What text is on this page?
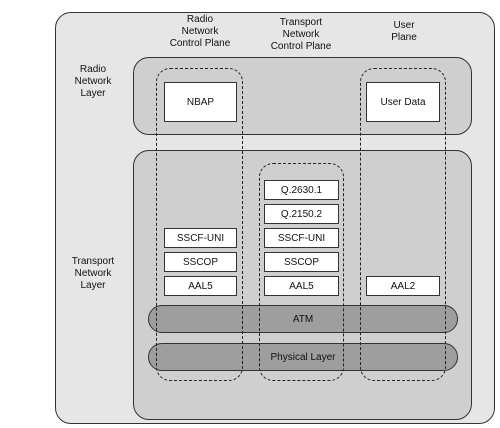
Radio
Network
Control Plane
Transport
Network
Control Plane
User
Plane
Radio
Network
Layer
Transport
Network
Layer
ATM
Physical Layer
NBAP	User Data
SSCF-UNI
SSCOP
AAL5
Q.2630.1
Q.2150.2
SSCF-UNI
SSCOP
AAL5	AAL2
